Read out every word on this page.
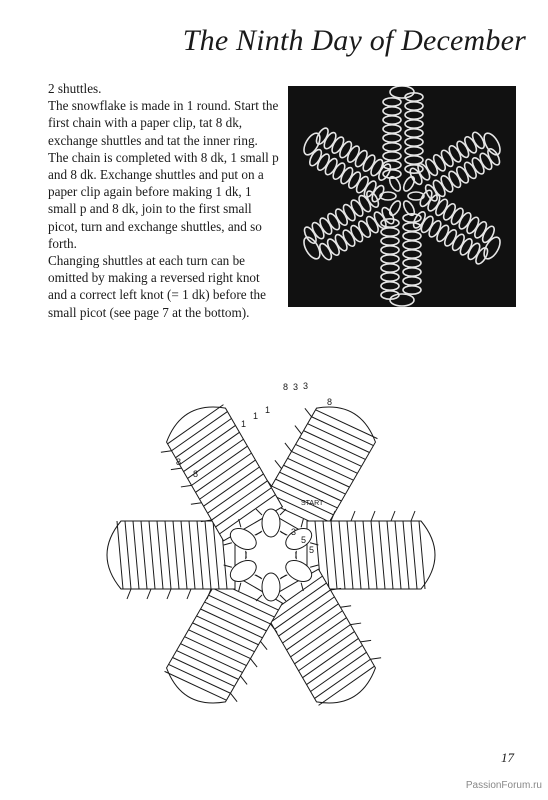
The Ninth Day of December

2 shuttles.

The snowflake is made in 1 round. Start the first chain with a paper clip, tat 8 dk, exchange shuttles and tat the inner ring. The chain is completed with 8 dk, 1 small p and 8 dk. Exchange shuttles and put on a paper clip again before making 1 dk, 1 small p and 8 dk, join to the first small picot, turn and exchange shuttles, and so forth.

Changing shuttles at each turn can be omitted by making a reversed right knot and a correct left knot (= 1 dk) before the small picot (see page 7 at the bottom).

START
8
8
8 3 3
8
3
5
5
1
1
1
17
PassionForum.ru
